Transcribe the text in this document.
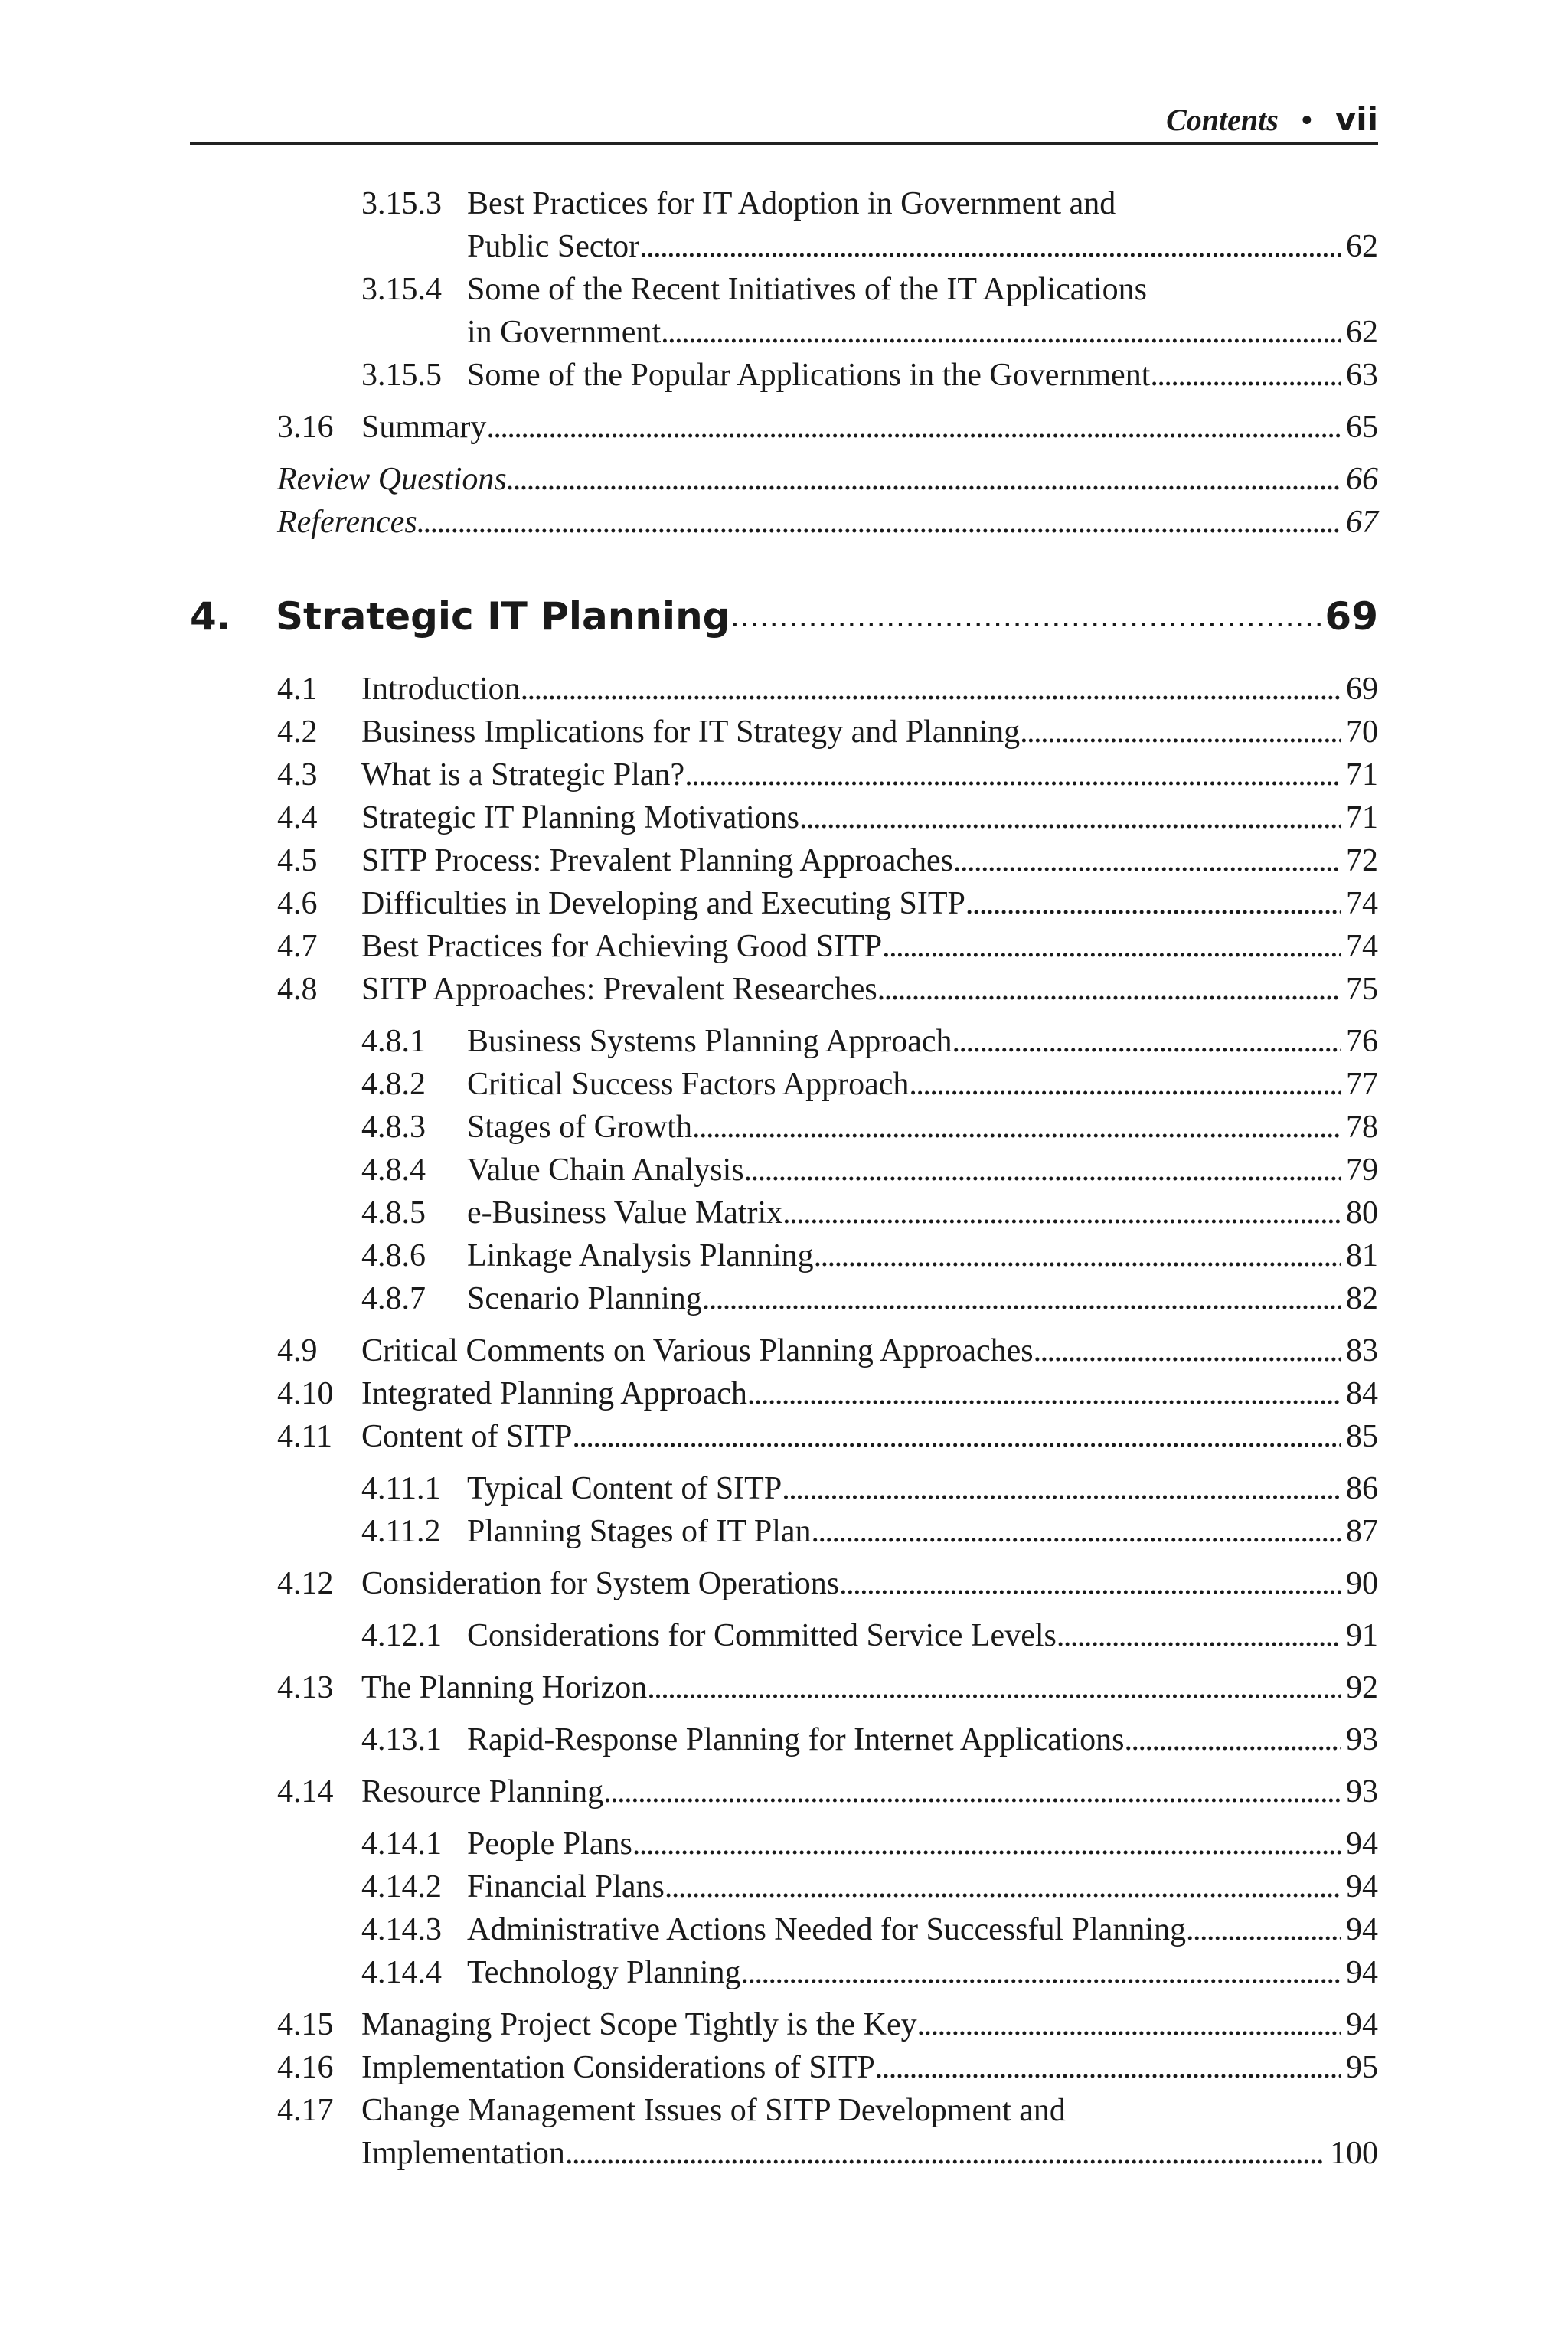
Contents • vii
3.15.3 Best Practices for IT Adoption in Government and
Public Sector . . .	62
3.15.4 Some of the Recent Initiatives of the IT Applications
in Government . . .	62
3.15.5 Some of the Popular Applications in the Government . . .	63
3.16 Summary . . .	65
Review Questions . . .	66
References . . .	67
4. Strategic IT Planning .....	69
4.1 Introduction . . .	69
4.2 Business Implications for IT Strategy and Planning . . .	70
4.3 What is a Strategic Plan? . . .	71
4.4 Strategic IT Planning Motivations . . .	71
4.5 SITP Process: Prevalent Planning Approaches . . .	72
4.6 Difficulties in Developing and Executing SITP . . .	74
4.7 Best Practices for Achieving Good SITP . . .	74
4.8 SITP Approaches: Prevalent Researches . . .	75
4.8.1 Business Systems Planning Approach . . .	76
4.8.2 Critical Success Factors Approach . . .	77
4.8.3 Stages of Growth . . .	78
4.8.4 Value Chain Analysis . . .	79
4.8.5 e-Business Value Matrix . . .	80
4.8.6 Linkage Analysis Planning . . .	81
4.8.7 Scenario Planning . . .	82
4.9 Critical Comments on Various Planning Approaches . . .	83
4.10 Integrated Planning Approach . . .	84
4.11 Content of SITP . . .	85
4.11.1 Typical Content of SITP . . .	86
4.11.2 Planning Stages of IT Plan . . .	87
4.12 Consideration for System Operations . . .	90
4.12.1 Considerations for Committed Service Levels . . .	91
4.13 The Planning Horizon . . .	92
4.13.1 Rapid-Response Planning for Internet Applications . . .	93
4.14 Resource Planning . . .	93
4.14.1 People Plans . . .	94
4.14.2 Financial Plans . . .	94
4.14.3 Administrative Actions Needed for Successful Planning . . .	94
4.14.4 Technology Planning . . .	94
4.15 Managing Project Scope Tightly is the Key . . .	94
4.16 Implementation Considerations of SITP . . .	95
4.17 Change Management Issues of SITP Development and
Implementation . . .	100
